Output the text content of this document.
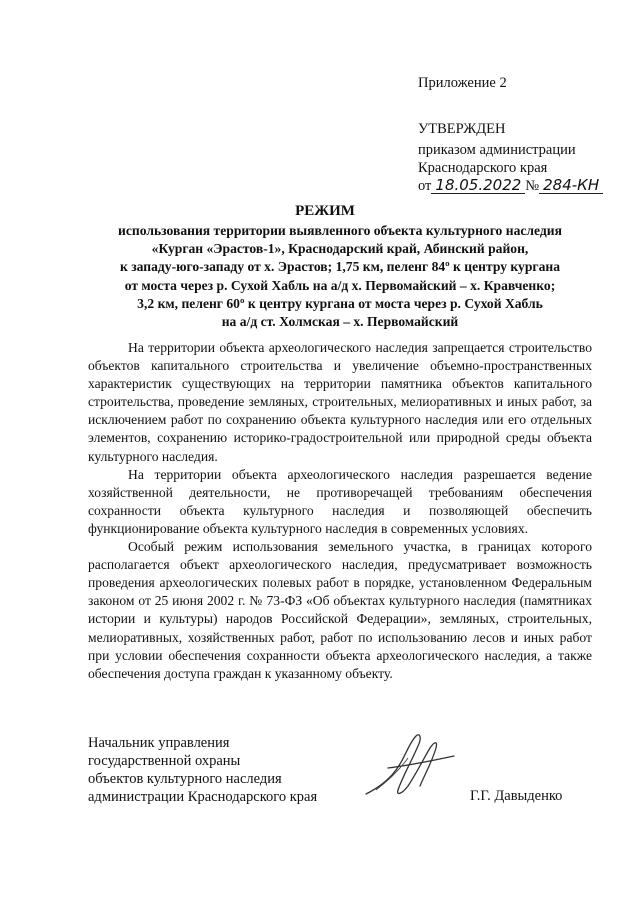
Приложение 2
УТВЕРЖДЕН
приказом администрации
Краснодарского края
от 18.05.2022 № 284-КН
РЕЖИМ
использования территории выявленного объекта культурного наследия
«Курган «Эрастов-1», Краснодарский край, Абинский район,
к западу-юго-западу от х. Эрастов; 1,75 км, пеленг 84º к центру кургана
от моста через р. Сухой Хабль на а/д х. Первомайский – х. Кравченко;
3,2 км, пеленг 60º к центру кургана от моста через р. Сухой Хабль
на а/д ст. Холмская – х. Первомайский

На территории объекта археологического наследия запрещается строительство объектов капитального строительства и увеличение объемно-пространственных характеристик существующих на территории памятника объектов капитального строительства, проведение земляных, строительных, мелиоративных и иных работ, за исключением работ по сохранению объекта культурного наследия или его отдельных элементов, сохранению историко-градостроительной или природной среды объекта культурного наследия.

На территории объекта археологического наследия разрешается ведение хозяйственной деятельности, не противоречащей требованиям обеспечения сохранности объекта культурного наследия и позволяющей обеспечить функционирование объекта культурного наследия в современных условиях.

Особый режим использования земельного участка, в границах которого располагается объект археологического наследия, предусматривает возможность проведения археологических полевых работ в порядке, установленном Федеральным законом от 25 июня 2002 г. № 73-ФЗ «Об объектах культурного наследия (памятниках истории и культуры) народов Российской Федерации», земляных, строительных, мелиоративных, хозяйственных работ, работ по использованию лесов и иных работ при условии обеспечения сохранности объекта археологического наследия, а также обеспечения доступа граждан к указанному объекту.

Начальник управления
государственной охраны
объектов культурного наследия
администрации Краснодарского края	Г.Г. Давыденко
